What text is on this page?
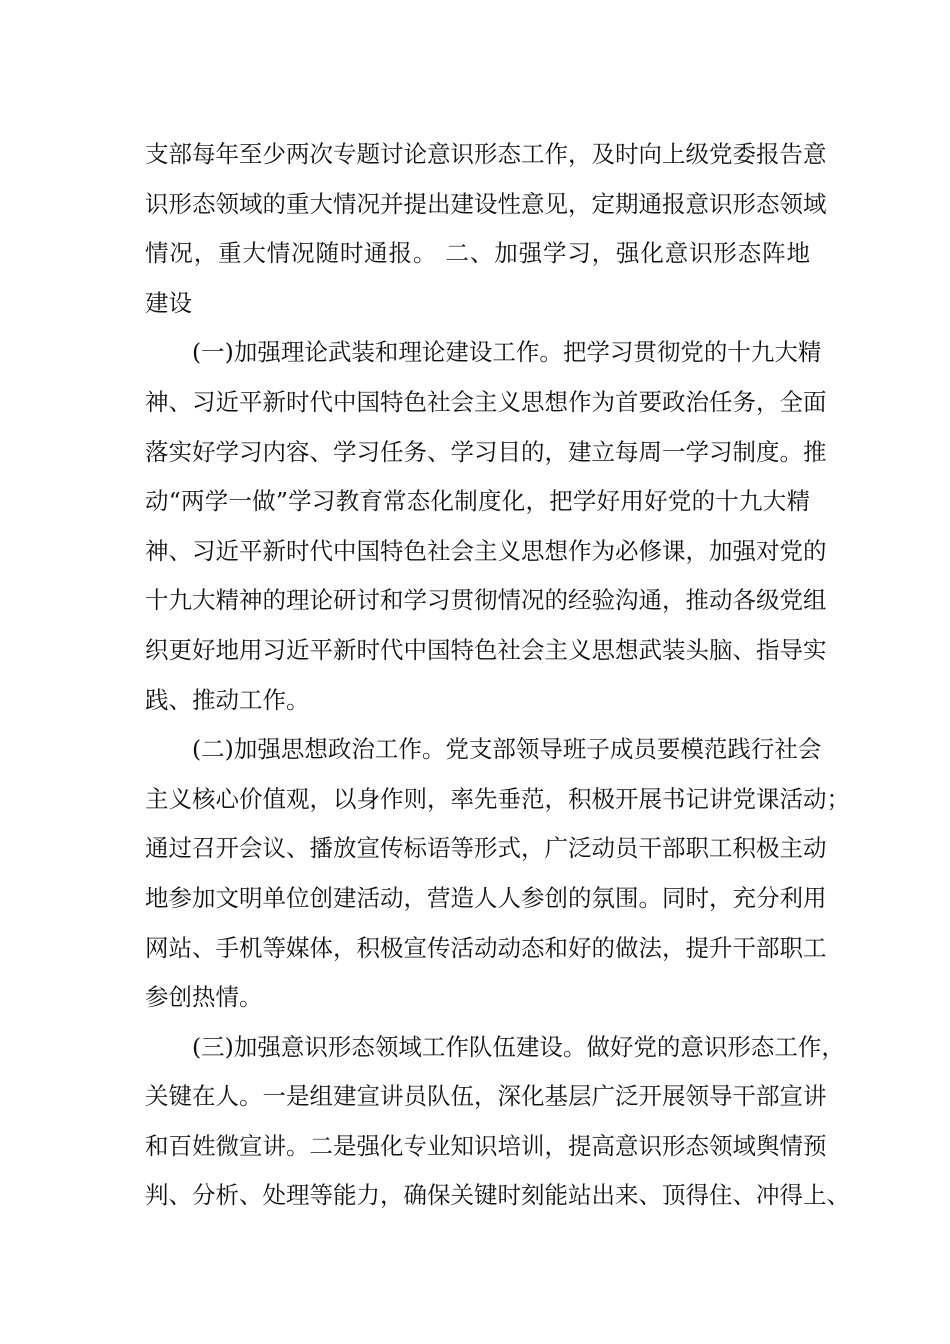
支部每年至少两次专题讨论意识形态工作，及时向上级党委报告意
识形态领域的重大情况并提出建设性意见，定期通报意识形态领域
情况，重大情况随时通报。 二、加强学习，强化意识形态阵地
建设
(一)加强理论武装和理论建设工作。把学习贯彻党的十九大精
神、习近平新时代中国特色社会主义思想作为首要政治任务，全面
落实好学习内容、学习任务、学习目的，建立每周一学习制度。推
动“两学一做”学习教育常态化制度化，把学好用好党的十九大精
神、习近平新时代中国特色社会主义思想作为必修课，加强对党的
十九大精神的理论研讨和学习贯彻情况的经验沟通，推动各级党组
织更好地用习近平新时代中国特色社会主义思想武装头脑、指导实
践、推动工作。
(二)加强思想政治工作。党支部领导班子成员要模范践行社会
主义核心价值观，以身作则，率先垂范，积极开展书记讲党课活动；
通过召开会议、播放宣传标语等形式，广泛动员干部职工积极主动
地参加文明单位创建活动，营造人人参创的氛围。同时，充分利用
网站、手机等媒体，积极宣传活动动态和好的做法，提升干部职工
参创热情。
(三)加强意识形态领域工作队伍建设。做好党的意识形态工作，
关键在人。一是组建宣讲员队伍，深化基层广泛开展领导干部宣讲
和百姓微宣讲。二是强化专业知识培训，提高意识形态领域舆情预
判、分析、处理等能力，确保关键时刻能站出来、顶得住、冲得上、
